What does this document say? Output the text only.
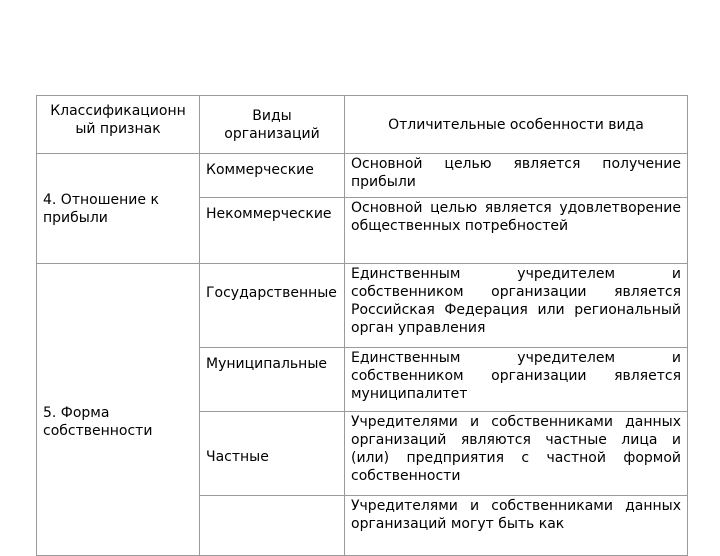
Классификационный признак	Виды организаций	Отличительные особенности вида
4. Отношение к прибыли	Коммерческие	Основной целью является получение прибыли
	Некоммерческие	Основной целью является удовлетворение общественных потребностей
5. Форма собственности	Государственные	Единственным учредителем и собственником организации является Российская Федерация или региональный орган управления
	Муниципальные	Единственным учредителем и собственником организации является муниципалитет
	Частные	Учредителями и собственниками данных организаций являются частные лица и (или) предприятия с частной формой собственности
		Учредителями и собственниками данных организаций могут быть как
